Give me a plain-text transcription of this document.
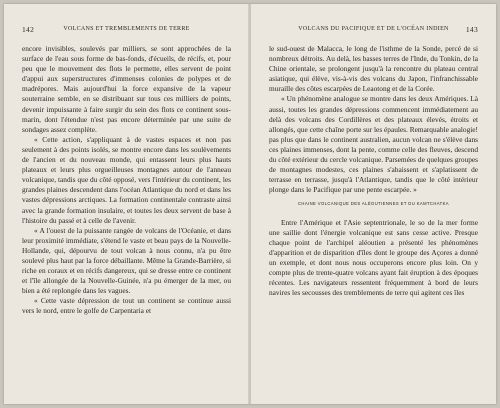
142	VOLCANS ET TREMBLEMENTS DE TERRE

encore invisibles, soulevés par milliers, se sont approchées de la surface de l'eau sous forme de bas-fonds, d'écueils, de récifs, et, pour peu que le mouvement des flots le permette, elles servent de point d'appui aux superstructures d'immenses colonies de polypes et de madrépores. Mais aujourd'hui la force expansive de la vapeur souterraine semble, en se distribuant sur tous ces milliers de points, devenir impuissante à faire surgir du sein des flots ce continent sous-marin, dont l'étendue n'est pas encore déterminée par une suite de sondages assez complète.

« Cette action, s'appliquant à de vastes espaces et non pas seulement à des points isolés, se montre encore dans les soulèvements de l'ancien et du nouveau monde, qui entassent leurs plus hauts plateaux et leurs plus orgueilleuses montagnes autour de l'anneau volcanique, tandis que du côté opposé, vers l'intérieur du continent, les grandes plaines descendent dans l'océan Atlantique du nord et dans les vastes dépressions arctiques. La formation continentale contraste ainsi avec la grande formation insulaire, et toutes les deux servent de base à l'histoire du passé et à celle de l'avenir.

« A l'ouest de la puissante rangée de volcans de l'Océanie, et dans leur proximité immédiate, s'étend le vaste et beau pays de la Nouvelle-Hollande, qui, dépourvu de tout volcan à nous connu, n'a pu être soulevé plus haut par la force débaillante. Même la Grande-Barrière, si riche en coraux et en récifs dangereux, qui se dresse entre ce continent et l'île allongée de la Nouvelle-Guinée, n'a pu émerger de la mer, ou bien a été replongée dans les vagues.

« Cette vaste dépression de tout un continent se continue aussi vers le nord, entre le golfe de Carpentaria et

VOLCANS DU PACIFIQUE ET DE L'OCÉAN INDIEN	143

le sud-ouest de Malacca, le long de l'isthme de la Sonde, percé de si nombreux détroits. Au delà, les basses terres de l'Inde, du Tonkin, de la Chine orientale, se prolongent jusqu'à la rencontre du plateau central asiatique, qui élève, vis-à-vis des volcans du Japon, l'infranchissable muraille des côtes escarpées de Leaotong et de la Corée.

« Un phénomène analogue se montre dans les deux Amériques. Là aussi, toutes les grandes dépressions commencent immédiatement au delà des volcans des Cordillères et des plateaux élevés, étroits et allongés, que cette chaîne porte sur les épaules. Remarquable analogie! pas plus que dans le continent australien, aucun volcan ne s'élève dans ces plaines immenses, dont la pente, comme celle des fleuves, descend du côté extérieur du cercle volcanique. Parsemées de quelques groupes de montagnes modestes, ces plaines s'abaissent et s'aplatissent de terrasse en terrasse, jusqu'à l'Atlantique, tandis que le côté intérieur plonge dans le Pacifique par une pente escarpée. »

CHAINE VOLCANIQUE DES ALÉOUTIENNES ET DU KAMTCHATKA

Entre l'Amérique et l'Asie septentrionale, le so de la mer forme une saillie dont l'énergie volcanique est sans cesse active. Presque chaque point de l'archipel aléoutien a présenté les phénomènes d'apparition et de disparition d'îles dont le groupe des Açores a donné un exemple, et dont nous nous occuperons encore plus loin. On y compte plus de trente-quatre volcans ayant fait éruption à des époques récentes. Les navigateurs ressentent fréquemment à bord de leurs navires les secousses des tremblements de terre qui agitent ces îles
